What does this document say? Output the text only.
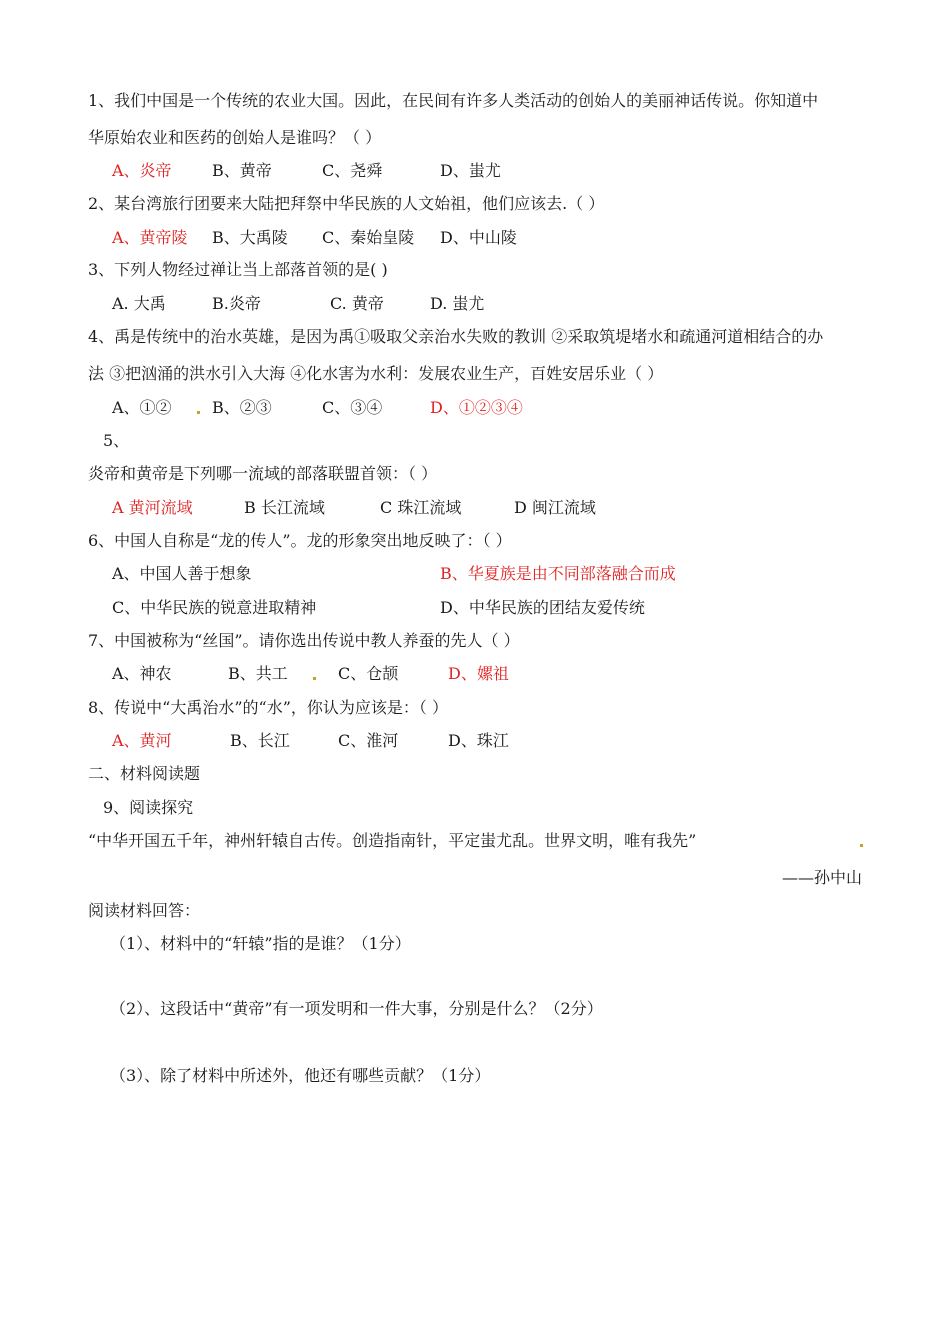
1、我们中国是一个传统的农业大国。因此，在民间有许多人类活动的创始人的美丽神话传说。你知道中
华原始农业和医药的创始人是谁吗？（ ）
A、炎帝	B、黄帝	C、尧舜	D、蚩尤
2、某台湾旅行团要来大陆把拜祭中华民族的人文始祖，他们应该去.（ ）
A、黄帝陵 B、大禹陵 C、秦始皇陵 D、中山陵
3、下列人物经过禅让当上部落首领的是( )
A. 大禹	B.炎帝	C. 黄帝	D. 蚩尤
4、禹是传统中的治水英雄，是因为禹①吸取父亲治水失败的教训 ②采取筑堤堵水和疏通河道相结合的办
法 ③把汹涌的洪水引入大海 ④化水害为水利：发展农业生产，百姓安居乐业（ ）
A、①②	B、②③	C、③④	D、①②③④
5、
炎帝和黄帝是下列哪一流域的部落联盟首领：（ ）
A 黄河流域	B 长江流域	C 珠江流域	D 闽江流域
6、中国人自称是“龙的传人”。龙的形象突出地反映了：（ ）
A、中国人善于想象	B、华夏族是由不同部落融合而成
C、中华民族的锐意进取精神	D、中华民族的团结友爱传统
7、中国被称为“丝国”。请你选出传说中教人养蚕的先人（ ）
A、神农	B、共工	C、仓颉	D、嫘祖
8、传说中“大禹治水”的“水”，你认为应该是：（ ）
A、黄河	B、长江	C、淮河	D、珠江
二、材料阅读题
9、阅读探究
“中华开国五千年，神州轩辕自古传。创造指南针，平定蚩尤乱。世界文明，唯有我先”
——孙中山
阅读材料回答：
（1）、材料中的“轩辕”指的是谁？（1分）
（2）、这段话中“黄帝”有一项发明和一件大事，分别是什么？（2分）
（3）、除了材料中所述外，他还有哪些贡献？（1分）
